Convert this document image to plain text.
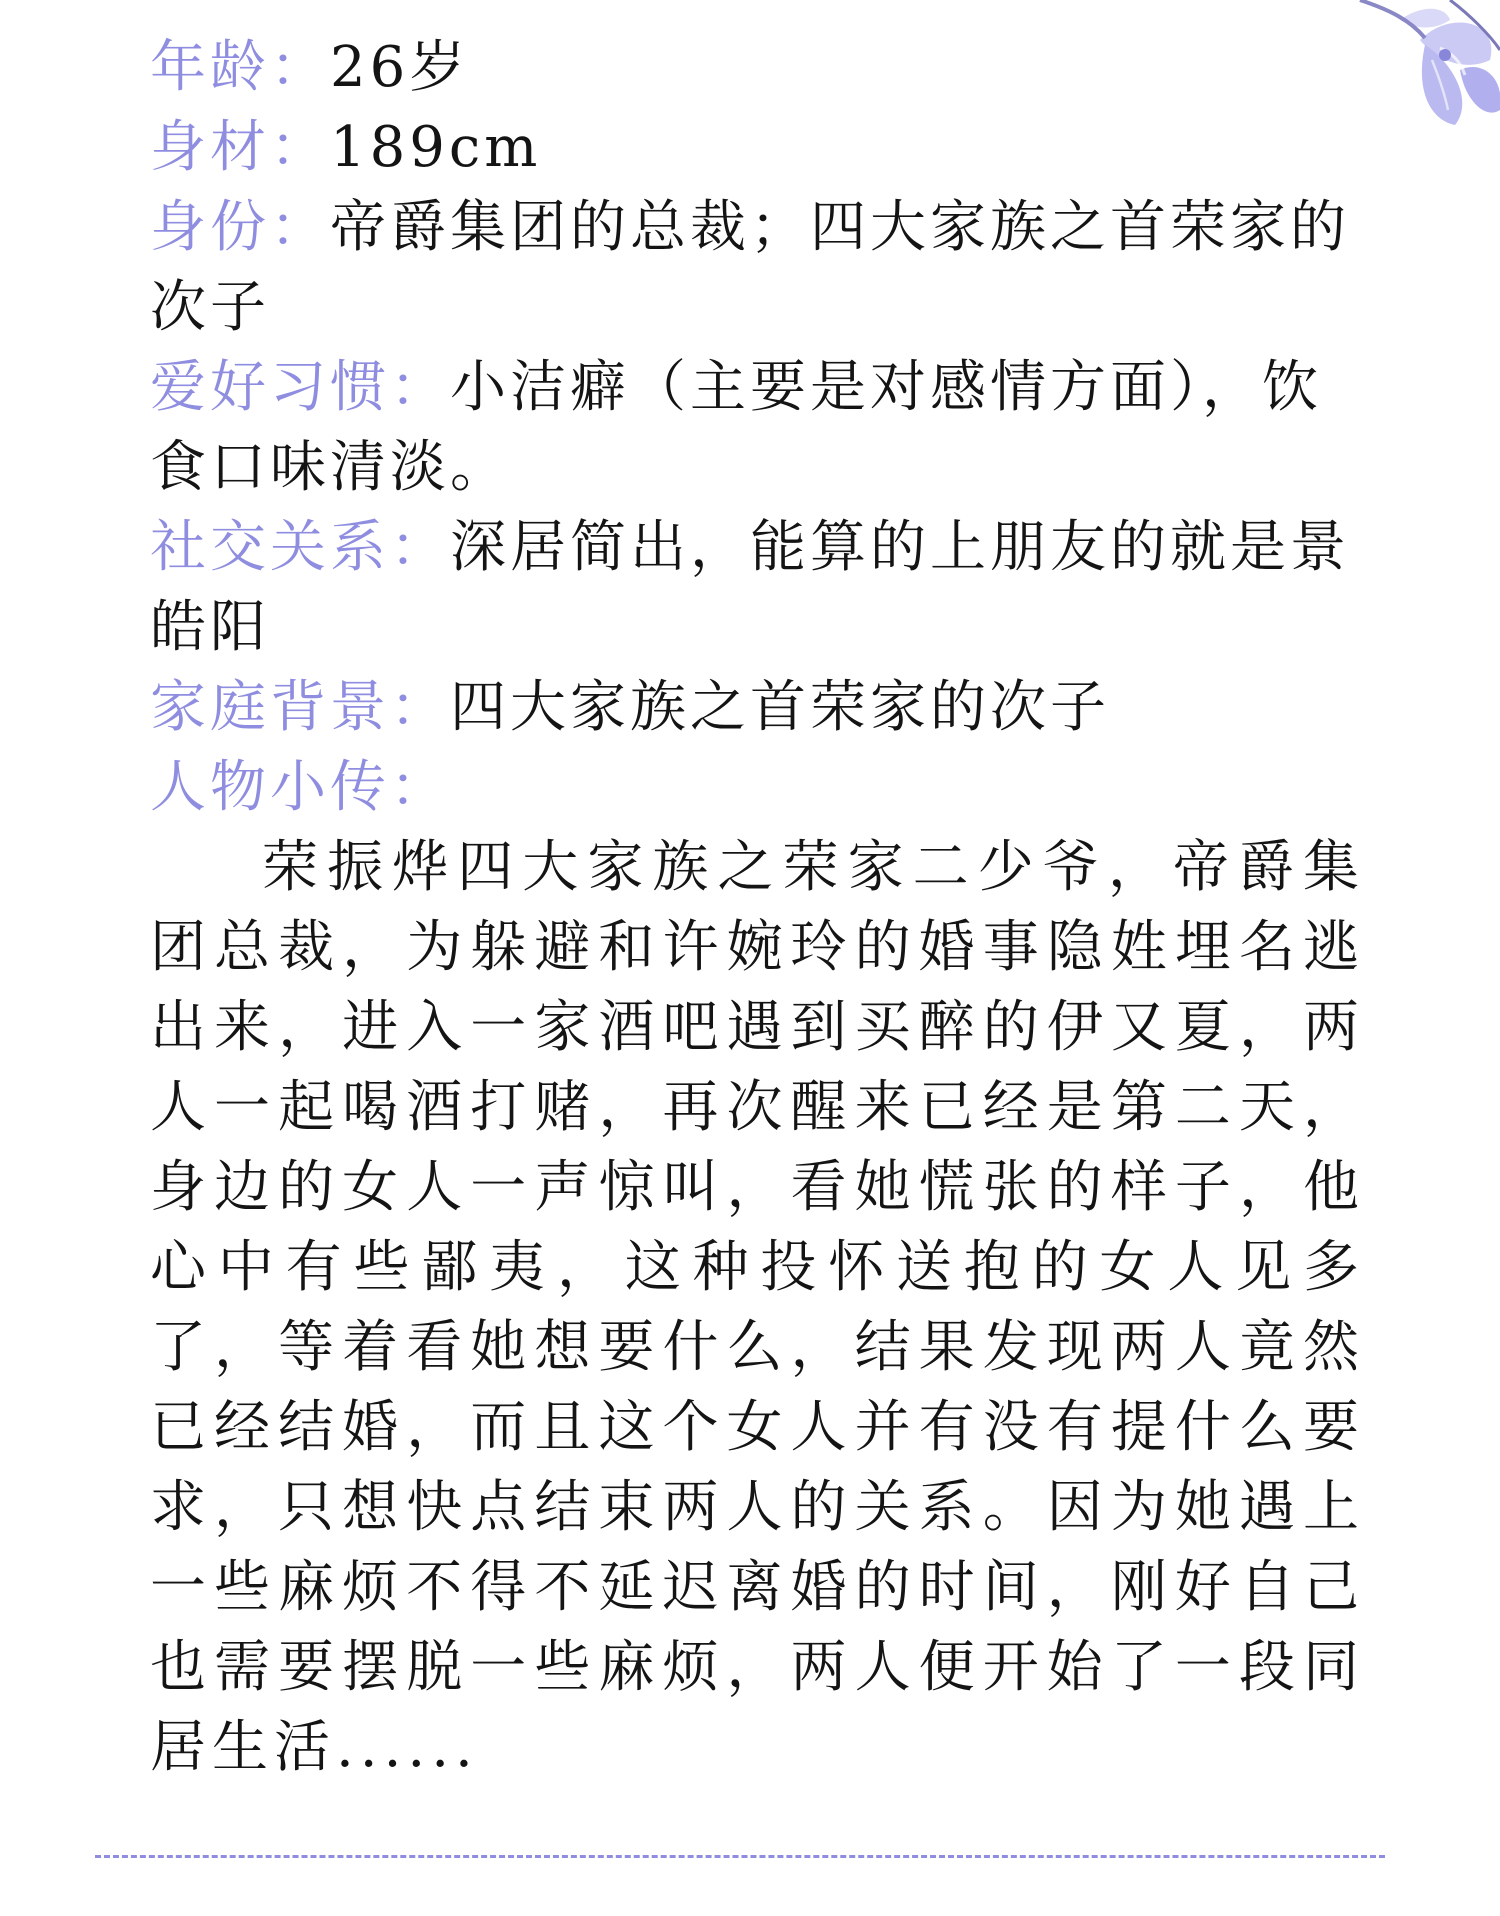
年龄：26岁

身材：189cm

身份：帝爵集团的总裁；四大家族之首荣家的次子

爱好习惯：小洁癖（主要是对感情方面），饮食口味清淡。

社交关系：深居简出，能算的上朋友的就是景皓阳

家庭背景：四大家族之首荣家的次子

人物小传：

荣振烨四大家族之荣家二少爷，帝爵集团总裁，为躲避和许婉玲的婚事隐姓埋名逃出来，进入一家酒吧遇到买醉的伊又夏，两人一起喝酒打赌，再次醒来已经是第二天，身边的女人一声惊叫，看她慌张的样子，他心中有些鄙夷，这种投怀送抱的女人见多了，等着看她想要什么，结果发现两人竟然已经结婚，而且这个女人并有没有提什么要求，只想快点结束两人的关系。因为她遇上一些麻烦不得不延迟离婚的时间，刚好自己也需要摆脱一些麻烦，两人便开始了一段同居生活......
